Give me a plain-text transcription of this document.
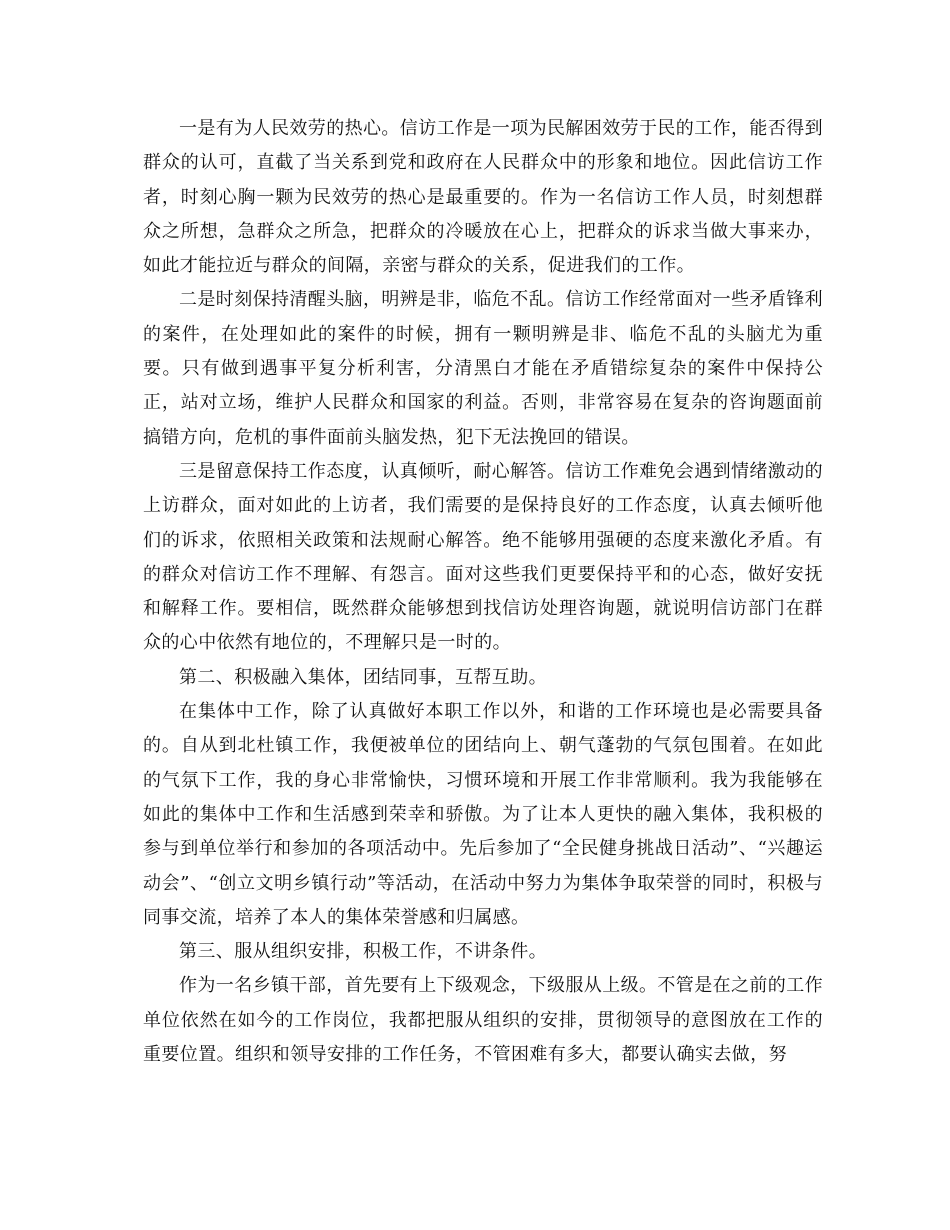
一是有为人民效劳的热心。信访工作是一项为民解困效劳于民的工作，能否得到群众的认可，直截了当关系到党和政府在人民群众中的形象和地位。因此信访工作者，时刻心胸一颗为民效劳的热心是最重要的。作为一名信访工作人员，时刻想群众之所想，急群众之所急，把群众的冷暖放在心上，把群众的诉求当做大事来办，如此才能拉近与群众的间隔，亲密与群众的关系，促进我们的工作。

二是时刻保持清醒头脑，明辨是非，临危不乱。信访工作经常面对一些矛盾锋利的案件，在处理如此的案件的时候，拥有一颗明辨是非、临危不乱的头脑尤为重要。只有做到遇事平复分析利害，分清黑白才能在矛盾错综复杂的案件中保持公正，站对立场，维护人民群众和国家的利益。否则，非常容易在复杂的咨询题面前搞错方向，危机的事件面前头脑发热，犯下无法挽回的错误。

三是留意保持工作态度，认真倾听，耐心解答。信访工作难免会遇到情绪激动的上访群众，面对如此的上访者，我们需要的是保持良好的工作态度，认真去倾听他们的诉求，依照相关政策和法规耐心解答。绝不能够用强硬的态度来激化矛盾。有的群众对信访工作不理解、有怨言。面对这些我们更要保持平和的心态，做好安抚和解释工作。要相信，既然群众能够想到找信访处理咨询题，就说明信访部门在群众的心中依然有地位的，不理解只是一时的。

第二、积极融入集体，团结同事，互帮互助。

在集体中工作，除了认真做好本职工作以外，和谐的工作环境也是必需要具备的。自从到北杜镇工作，我便被单位的团结向上、朝气蓬勃的气氛包围着。在如此的气氛下工作，我的身心非常愉快，习惯环境和开展工作非常顺利。我为我能够在如此的集体中工作和生活感到荣幸和骄傲。为了让本人更快的融入集体，我积极的参与到单位举行和参加的各项活动中。先后参加了“全民健身挑战日活动”、“兴趣运动会”、“创立文明乡镇行动”等活动，在活动中努力为集体争取荣誉的同时，积极与同事交流，培养了本人的集体荣誉感和归属感。

第三、服从组织安排，积极工作，不讲条件。

作为一名乡镇干部，首先要有上下级观念，下级服从上级。不管是在之前的工作单位依然在如今的工作岗位，我都把服从组织的安排，贯彻领导的意图放在工作的重要位置。组织和领导安排的工作任务，不管困难有多大，都要认确实去做，努
